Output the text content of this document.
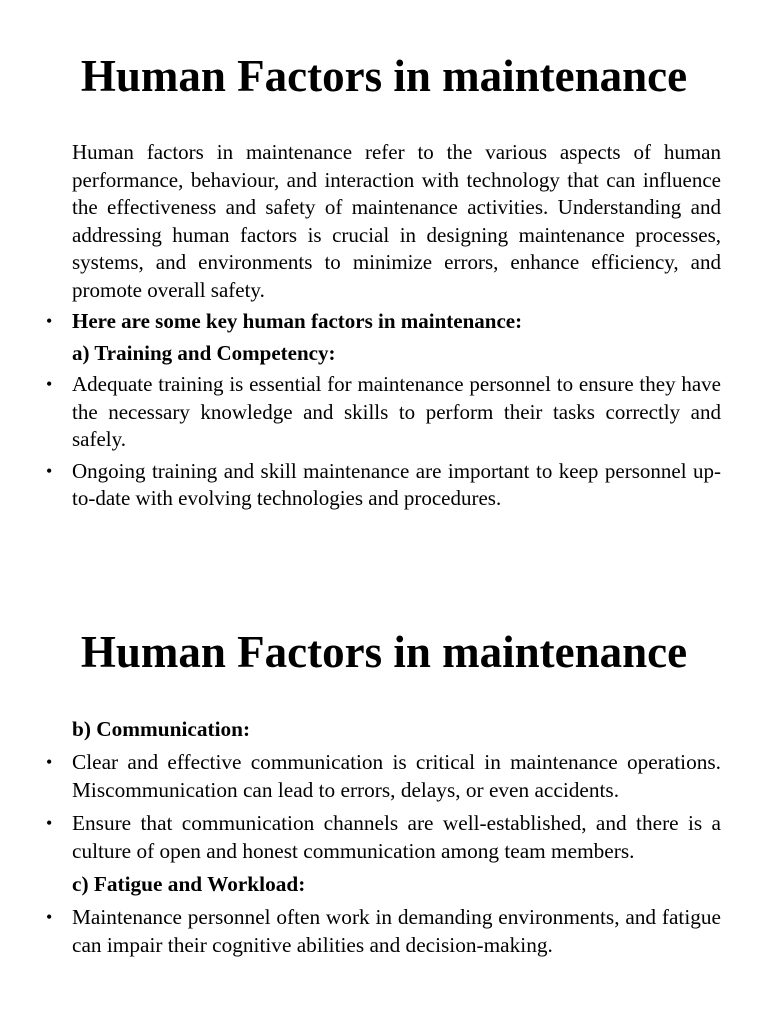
Human Factors in maintenance

Human factors in maintenance refer to the various aspects of human performance, behaviour, and interaction with technology that can influence the effectiveness and safety of maintenance activities. Understanding and addressing human factors is crucial in designing maintenance processes, systems, and environments to minimize errors, enhance efficiency, and promote overall safety.

• Here are some key human factors in maintenance:

a) Training and Competency:

• Adequate training is essential for maintenance personnel to ensure they have the necessary knowledge and skills to perform their tasks correctly and safely.

• Ongoing training and skill maintenance are important to keep personnel up-to-date with evolving technologies and procedures.

Human Factors in maintenance

b) Communication:

• Clear and effective communication is critical in maintenance operations. Miscommunication can lead to errors, delays, or even accidents.

• Ensure that communication channels are well-established, and there is a culture of open and honest communication among team members.

c) Fatigue and Workload:

• Maintenance personnel often work in demanding environments, and fatigue can impair their cognitive abilities and decision-making.
